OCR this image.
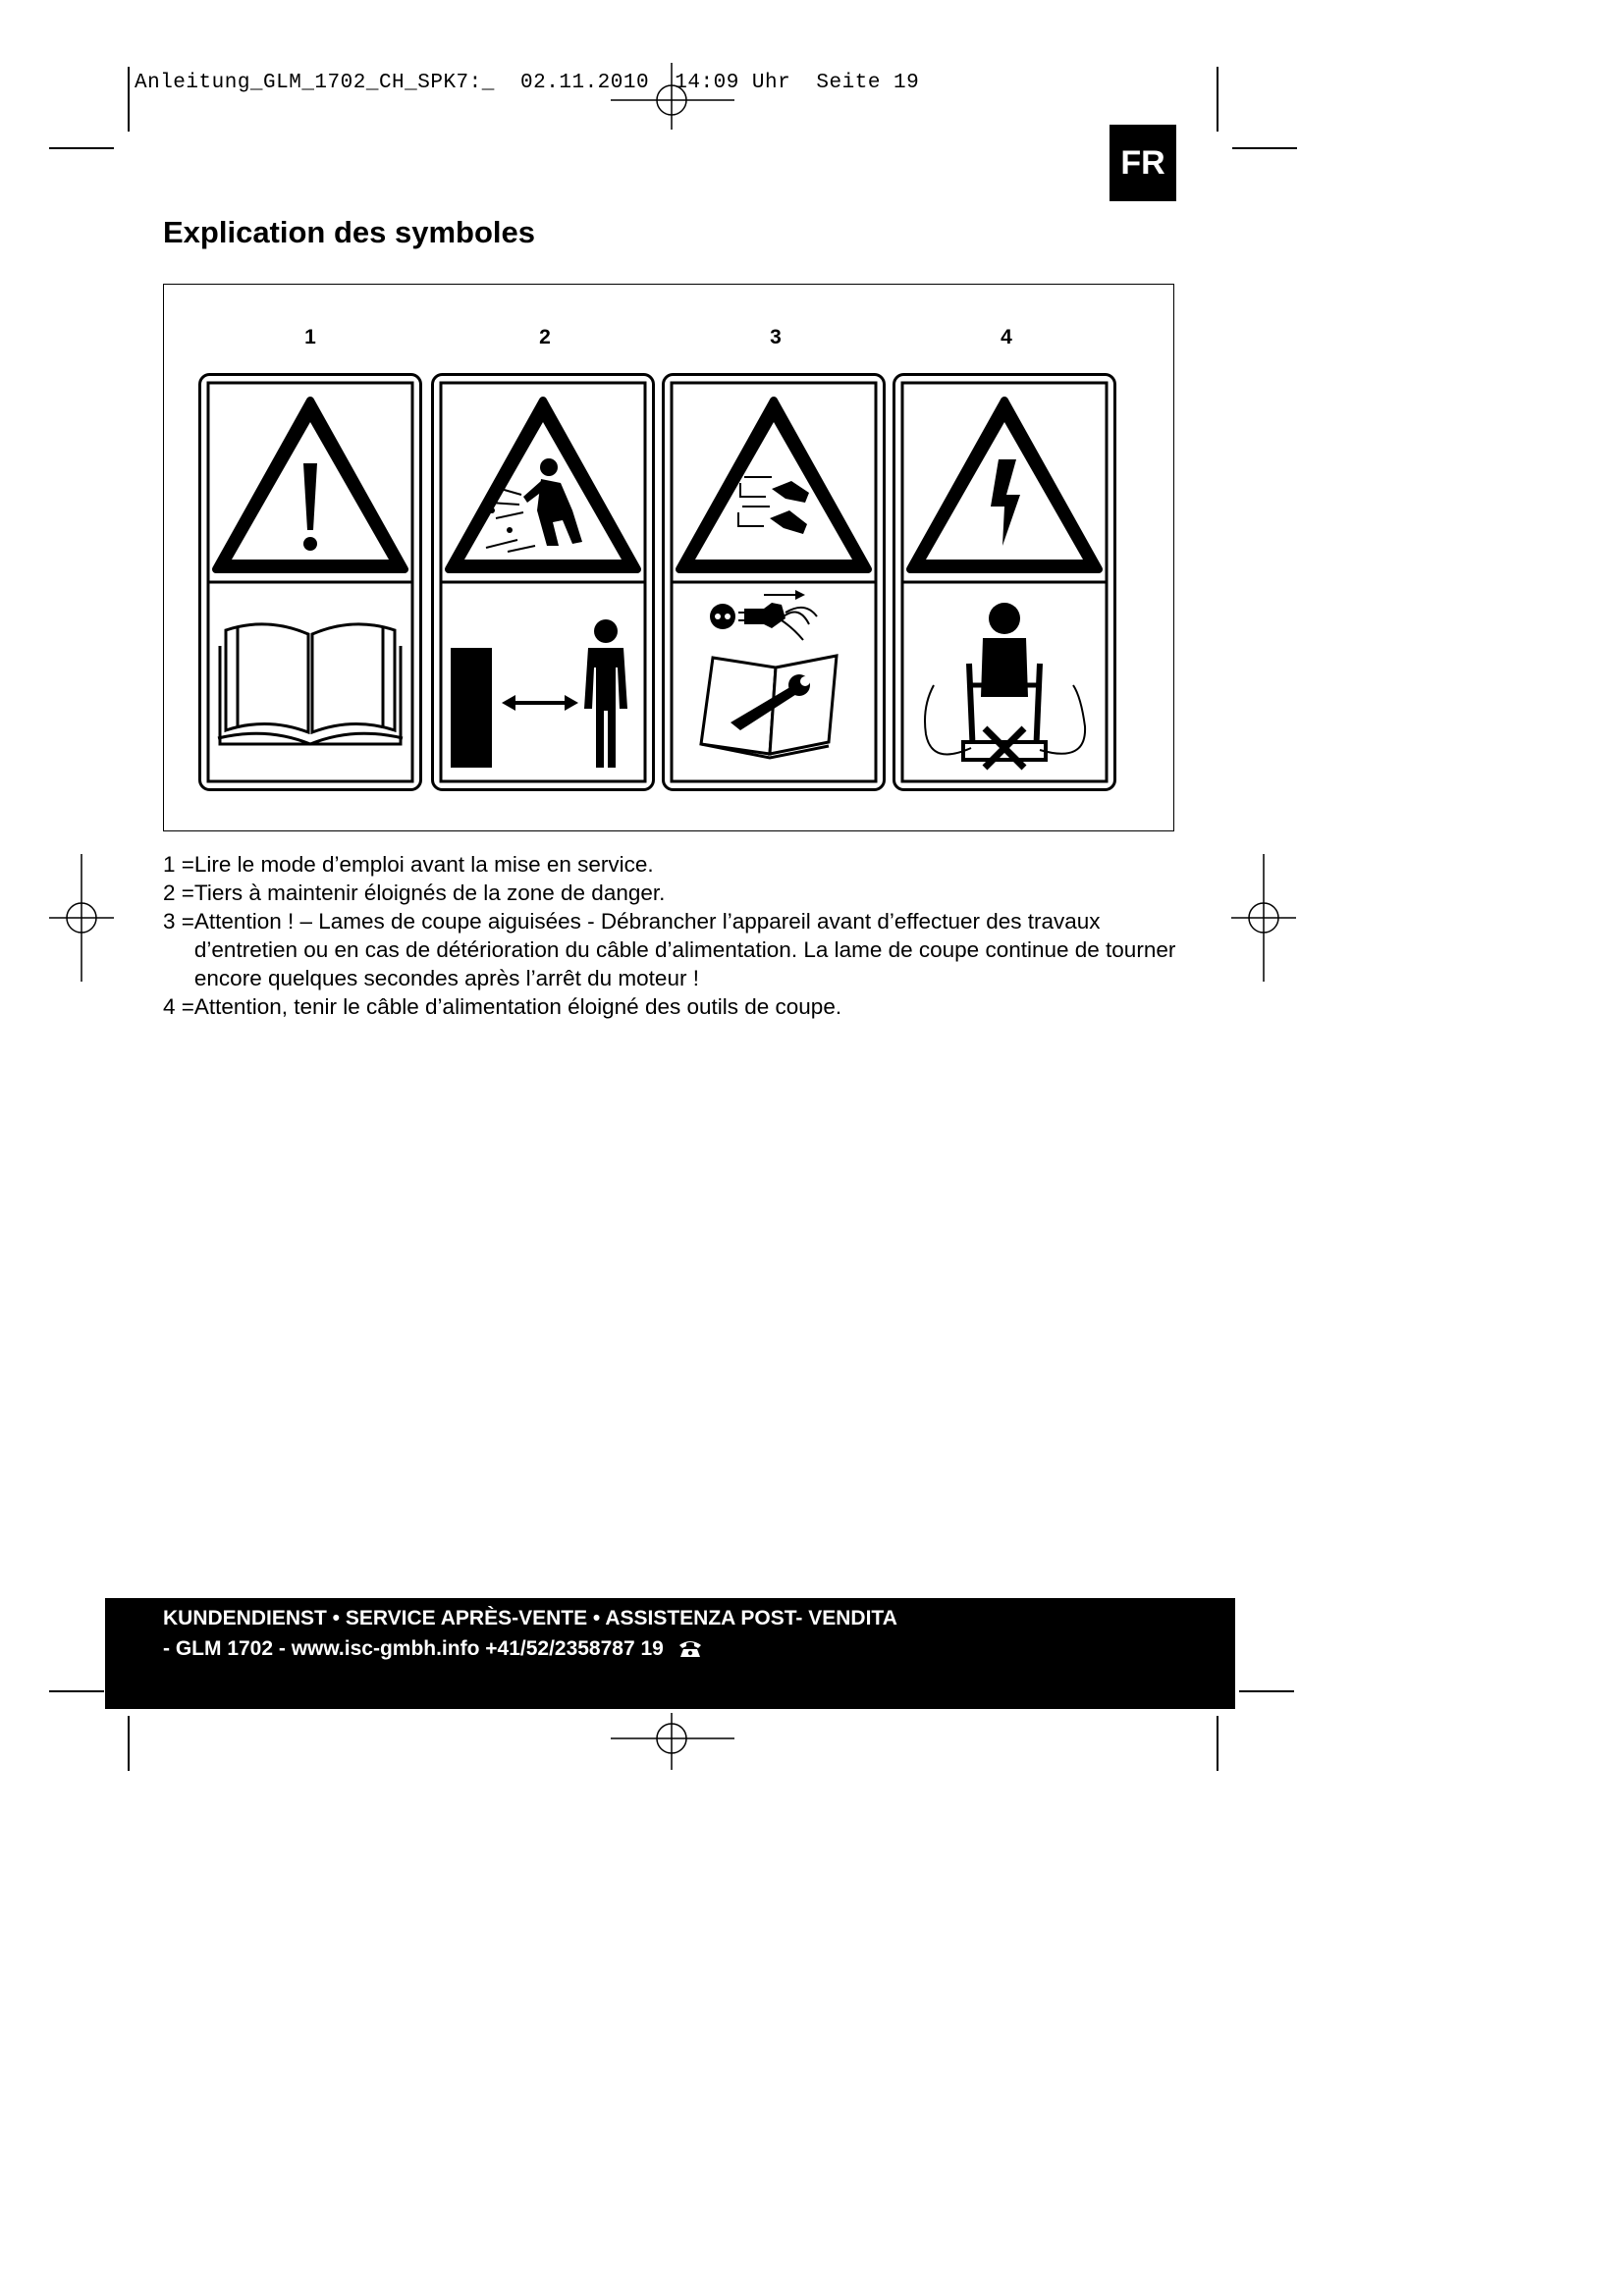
Anleitung_GLM_1702_CH_SPK7:_  02.11.2010  14:09 Uhr  Seite 19
FR
Explication des symboles
1	2	3	4
1 = Lire le mode d’emploi avant la mise en service.
2 = Tiers à maintenir éloignés de la zone de danger.
3 = Attention ! – Lames de coupe aiguisées - Débrancher l’appareil avant d’effectuer des travaux d’entretien ou en cas de détérioration du câble d’alimentation. La lame de coupe continue de tourner encore quelques secondes après l’arrêt du moteur !
4 = Attention, tenir le câble d’alimentation éloigné des outils de coupe.
KUNDENDIENST • SERVICE APRÈS-VENTE • ASSISTENZA POST- VENDITA
- GLM 1702 - www.isc-gmbh.info +41/52/2358787 19
